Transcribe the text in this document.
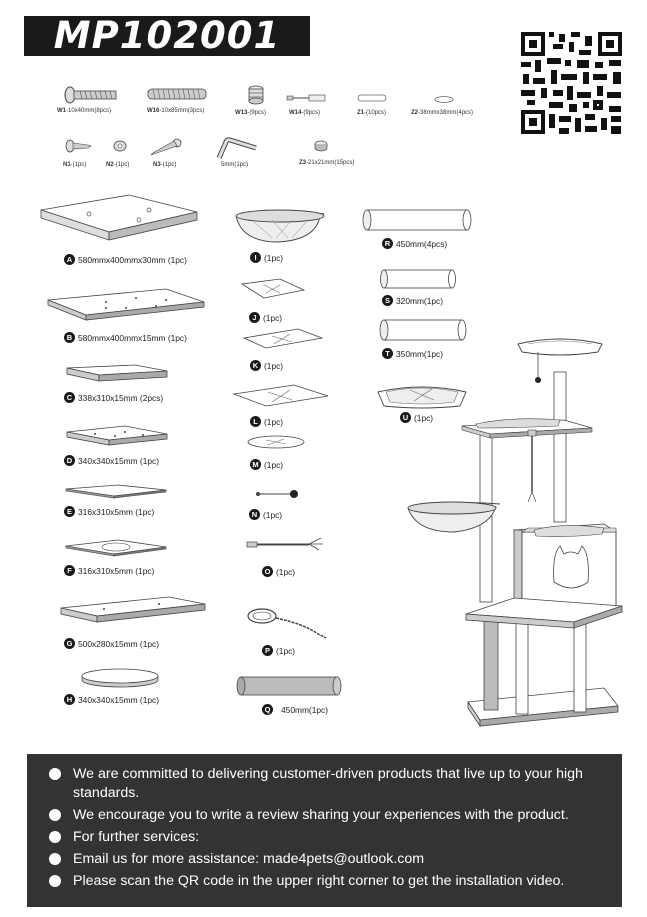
MP102001
W1-10x40mm(8pcs)	W16-10x85mm(3pcs)	W13-(9pcs)	W14-(9pcs)	Z1-(10pcs)	Z2-38mmx38mm(4pcs)
N1-(1pc)	N2-(1pc)	N3-(1pc)	5mm(1pc)	Z3-21x21mm(15pcs)
A 580mmx400mmx30mm (1pc)
B 580mmx400mmx15mm (1pc)
C 338x310x15mm (2pcs)
D 340x340x15mm (1pc)
E 316x310x5mm (1pc)
F 316x310x5mm (1pc)
G 500x280x15mm (1pc)
H 340x340x15mm (1pc)
I (1pc)
J (1pc)
K (1pc)
L (1pc)
M (1pc)
N (1pc)
O (1pc)
P (1pc)
Q	450mm(1pc)
R 450mm(4pcs)
S 320mm(1pc)
T 350mm(1pc)
U (1pc)
We are committed to delivering customer-driven products that live up to your high standards.
We encourage you to write a review sharing your experiences with the product.
For further services:
Email us for more assistance: made4pets@outlook.com
Please scan the QR code in the upper right corner to get the installation video.
